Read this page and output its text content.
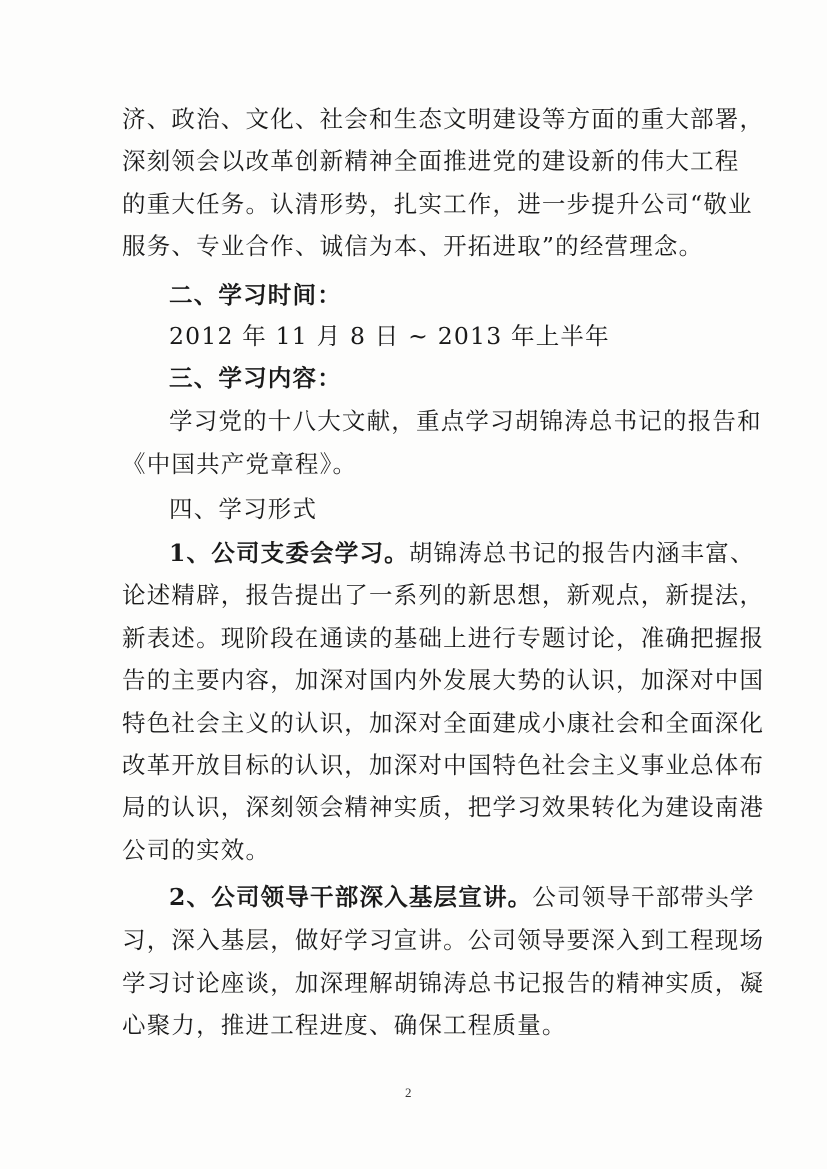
济、政治、文化、社会和生态文明建设等方面的重大部署，
深刻领会以改革创新精神全面推进党的建设新的伟大工程
的重大任务。认清形势，扎实工作，进一步提升公司“敬业
服务、专业合作、诚信为本、开拓进取”的经营理念。
二、学习时间：
2012 年 11 月 8 日 ~ 2013 年上半年
三、学习内容：
学习党的十八大文献，重点学习胡锦涛总书记的报告和
《中国共产党章程》。
四、学习形式
1、公司支委会学习。胡锦涛总书记的报告内涵丰富、
论述精辟，报告提出了一系列的新思想，新观点，新提法，
新表述。现阶段在通读的基础上进行专题讨论，准确把握报
告的主要内容，加深对国内外发展大势的认识，加深对中国
特色社会主义的认识，加深对全面建成小康社会和全面深化
改革开放目标的认识，加深对中国特色社会主义事业总体布
局的认识，深刻领会精神实质，把学习效果转化为建设南港
公司的实效。
2、公司领导干部深入基层宣讲。公司领导干部带头学
习，深入基层，做好学习宣讲。公司领导要深入到工程现场
学习讨论座谈，加深理解胡锦涛总书记报告的精神实质，凝
心聚力，推进工程进度、确保工程质量。
2
